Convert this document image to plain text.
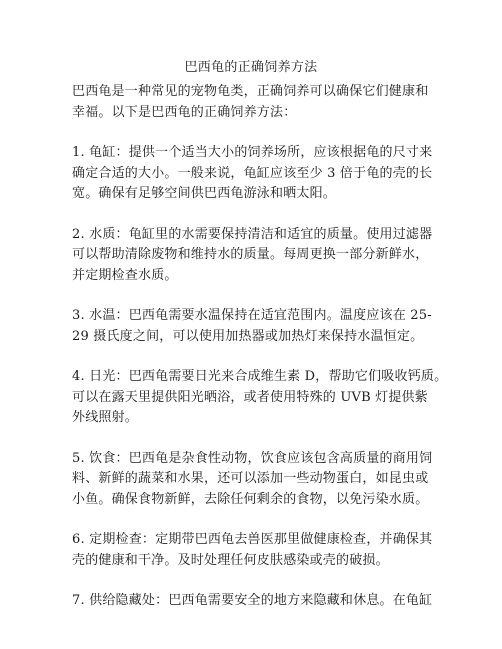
巴西龟的正确饲养方法

巴西龟是一种常见的宠物龟类，正确饲养可以确保它们健康和
幸福。以下是巴西龟的正确饲养方法：

1. 龟缸：提供一个适当大小的饲养场所，应该根据龟的尺寸来
确定合适的大小。一般来说，龟缸应该至少 3 倍于龟的壳的长
宽。确保有足够空间供巴西龟游泳和晒太阳。

2. 水质：龟缸里的水需要保持清洁和适宜的质量。使用过滤器
可以帮助清除废物和维持水的质量。每周更换一部分新鲜水，
并定期检查水质。

3. 水温：巴西龟需要水温保持在适宜范围内。温度应该在 25-
29 摄氏度之间，可以使用加热器或加热灯来保持水温恒定。

4. 日光：巴西龟需要日光来合成维生素 D，帮助它们吸收钙质。
可以在露天里提供阳光晒浴，或者使用特殊的 UVB 灯提供紫
外线照射。

5. 饮食：巴西龟是杂食性动物，饮食应该包含高质量的商用饲
料、新鲜的蔬菜和水果，还可以添加一些动物蛋白，如昆虫或
小鱼。确保食物新鲜，去除任何剩余的食物，以免污染水质。

6. 定期检查：定期带巴西龟去兽医那里做健康检查，并确保其
壳的健康和干净。及时处理任何皮肤感染或壳的破损。

7. 供给隐藏处：巴西龟需要安全的地方来隐藏和休息。在龟缸
